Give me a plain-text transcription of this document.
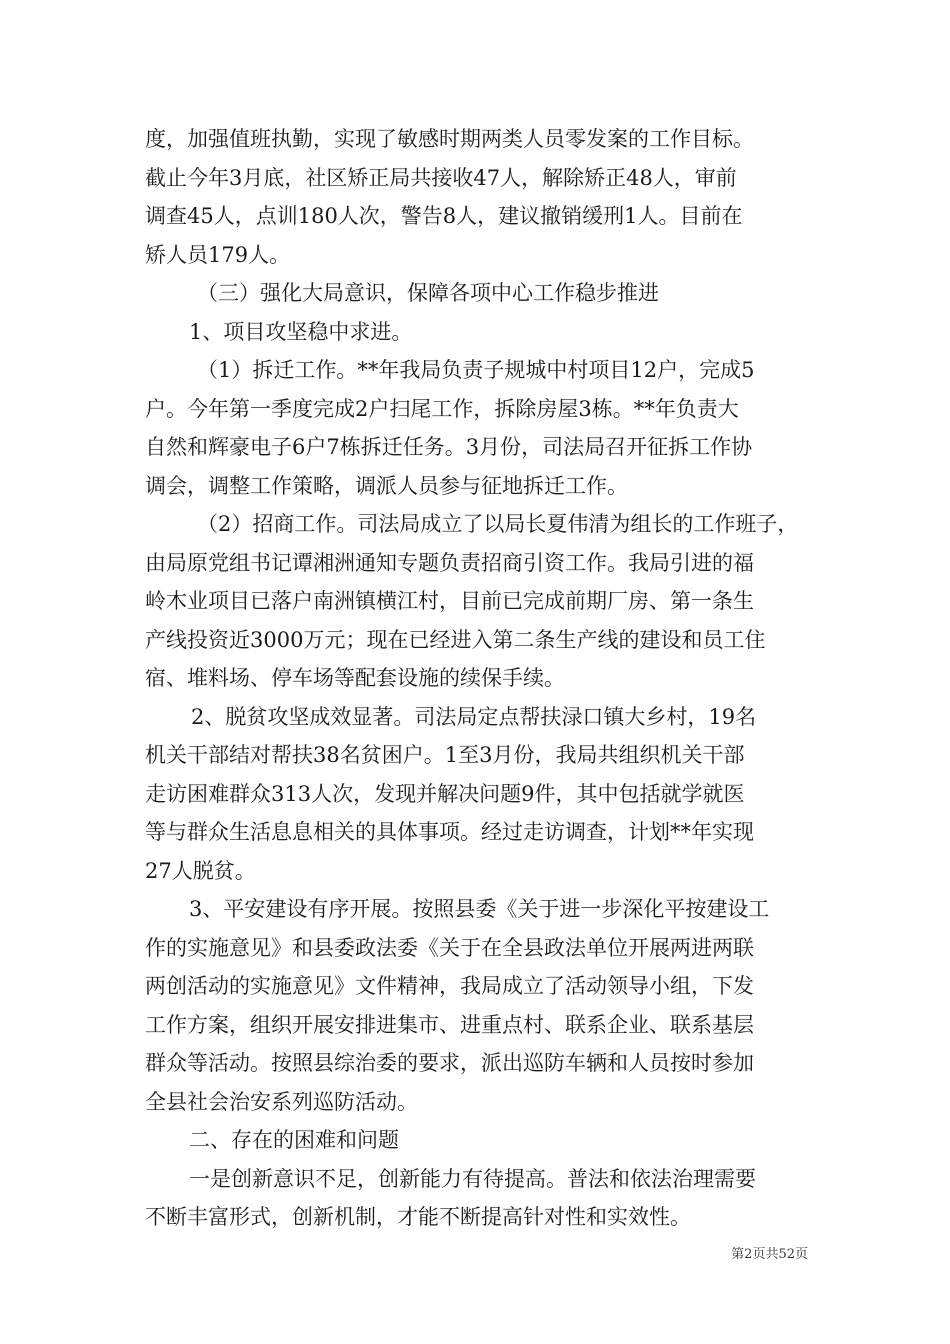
度，加强值班执勤，实现了敏感时期两类人员零发案的工作目标。
截止今年3月底，社区矫正局共接收47人，解除矫正48人，审前
调查45人，点训180人次，警告8人，建议撤销缓刑1人。目前在
矫人员179人。
（三）强化大局意识，保障各项中心工作稳步推进
1、项目攻坚稳中求进。
（1）拆迁工作。**年我局负责子规城中村项目12户，完成5
户。今年第一季度完成2户扫尾工作，拆除房屋3栋。**年负责大
自然和辉豪电子6户7栋拆迁任务。3月份，司法局召开征拆工作协
调会，调整工作策略，调派人员参与征地拆迁工作。
（2）招商工作。司法局成立了以局长夏伟清为组长的工作班子，
由局原党组书记谭湘洲通知专题负责招商引资工作。我局引进的福
岭木业项目已落户南洲镇横江村，目前已完成前期厂房、第一条生
产线投资近3000万元；现在已经进入第二条生产线的建设和员工住
宿、堆料场、停车场等配套设施的续保手续。
2、脱贫攻坚成效显著。司法局定点帮扶渌口镇大乡村，19名
机关干部结对帮扶38名贫困户。1至3月份，我局共组织机关干部
走访困难群众313人次，发现并解决问题9件，其中包括就学就医
等与群众生活息息相关的具体事项。经过走访调查，计划**年实现
27人脱贫。
3、平安建设有序开展。按照县委《关于进一步深化平按建设工
作的实施意见》和县委政法委《关于在全县政法单位开展两进两联
两创活动的实施意见》文件精神，我局成立了活动领导小组，下发
工作方案，组织开展安排进集市、进重点村、联系企业、联系基层
群众等活动。按照县综治委的要求，派出巡防车辆和人员按时参加
全县社会治安系列巡防活动。
二、存在的困难和问题
一是创新意识不足，创新能力有待提高。普法和依法治理需要
不断丰富形式，创新机制，才能不断提高针对性和实效性。
第2页共52页
